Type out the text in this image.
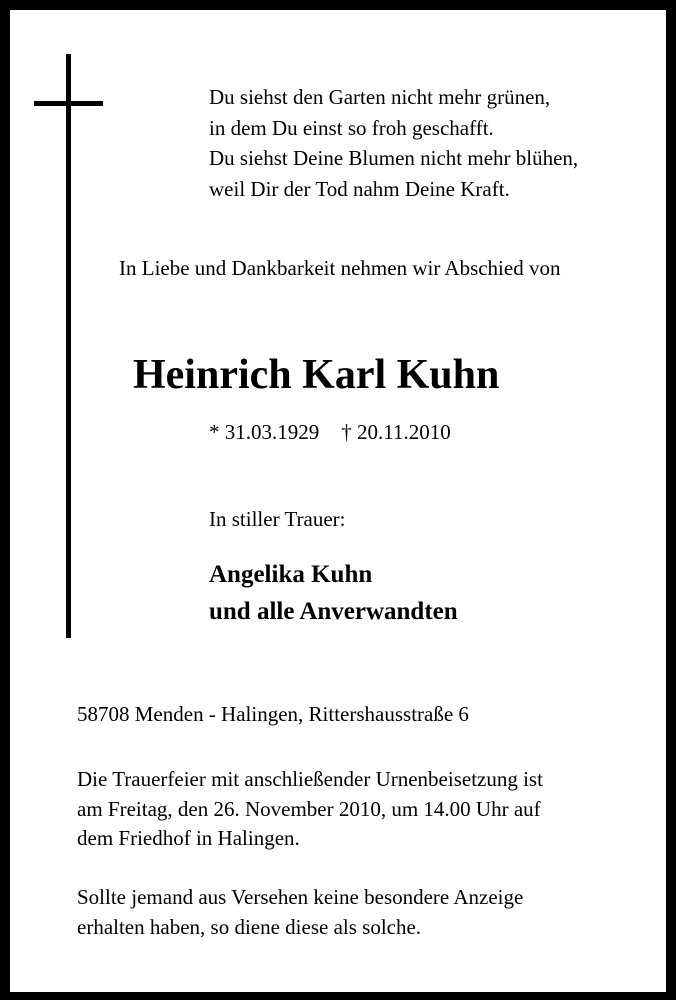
Du siehst den Garten nicht mehr grünen,
in dem Du einst so froh geschafft.
Du siehst Deine Blumen nicht mehr blühen,
weil Dir der Tod nahm Deine Kraft.
In Liebe und Dankbarkeit nehmen wir Abschied von
Heinrich Karl Kuhn
* 31.03.1929 † 20.11.2010
In stiller Trauer:
Angelika Kuhn
und alle Anverwandten
58708 Menden - Halingen, Rittershausstraße 6
Die Trauerfeier mit anschließender Urnenbeisetzung ist
am Freitag, den 26. November 2010, um 14.00 Uhr auf
dem Friedhof in Halingen.
Sollte jemand aus Versehen keine besondere Anzeige
erhalten haben, so diene diese als solche.
